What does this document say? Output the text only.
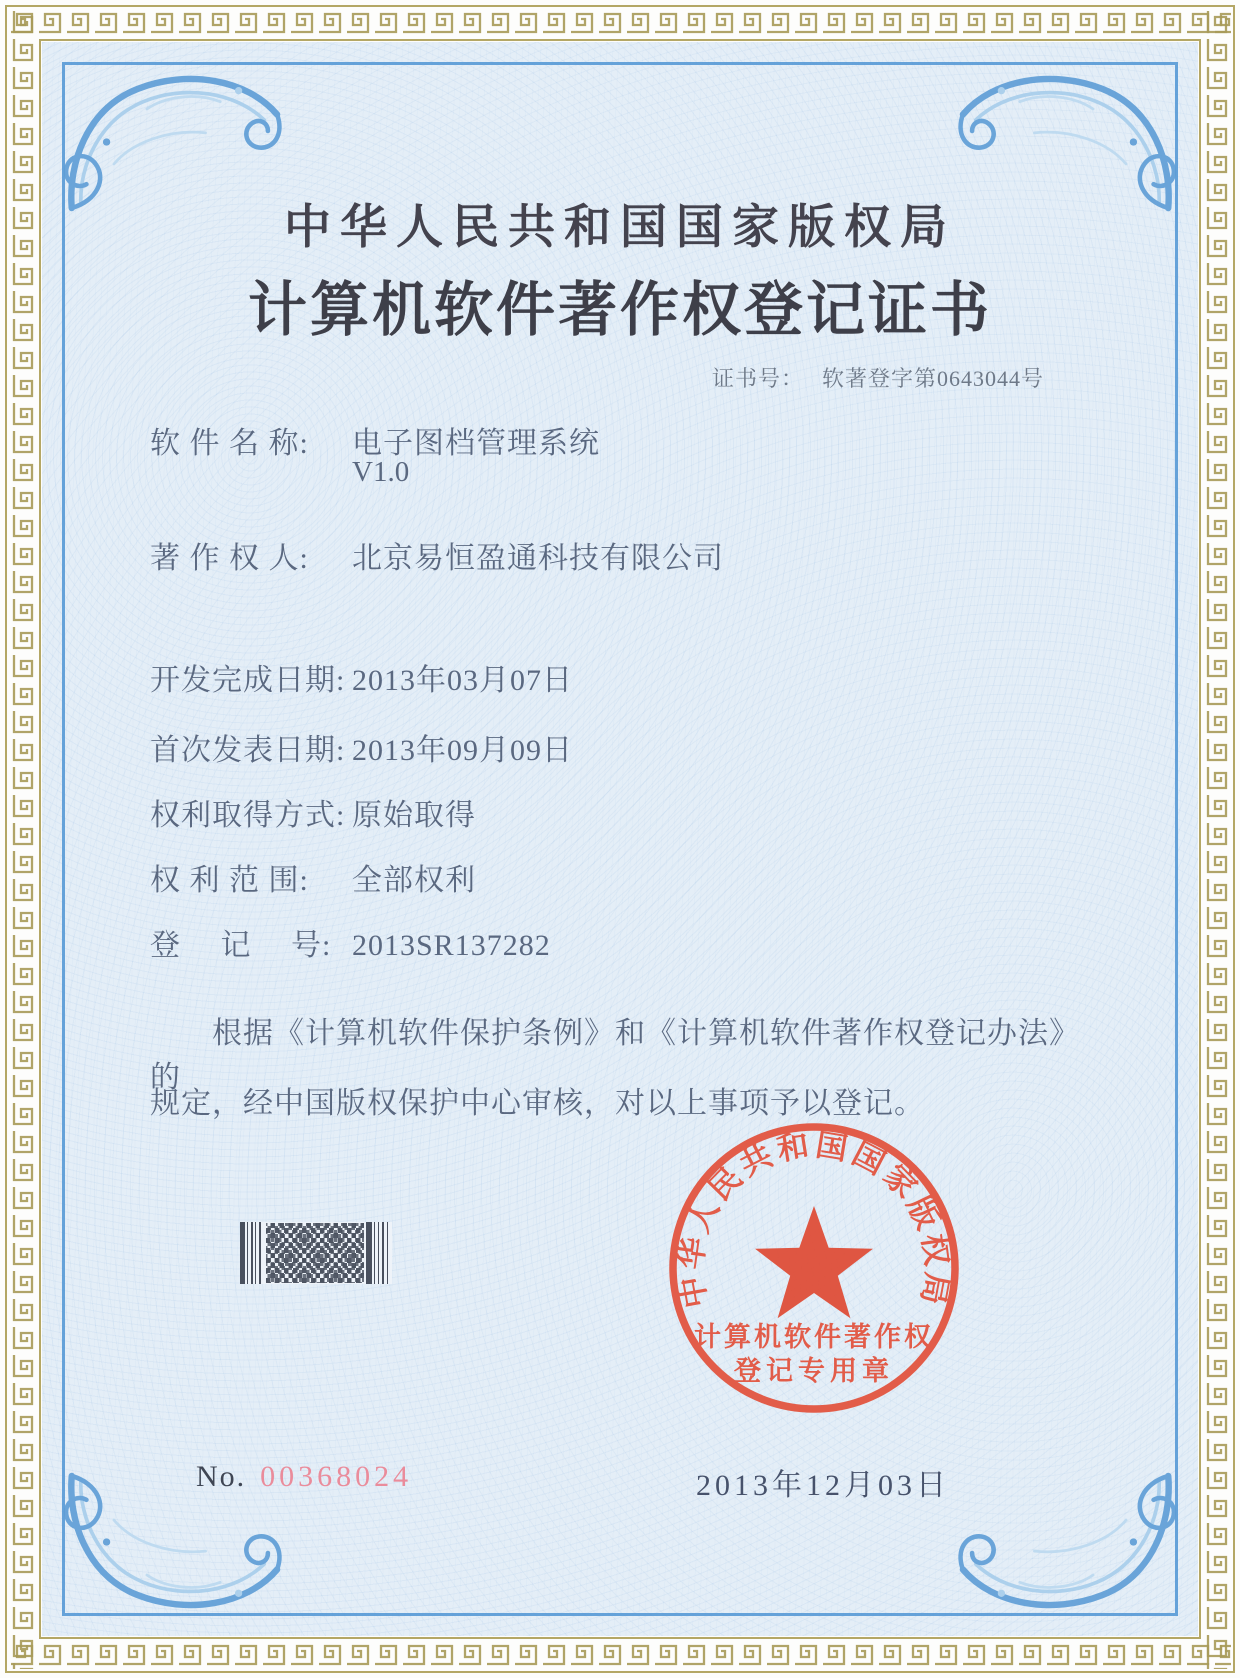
中华人民共和国国家版权局
计算机软件著作权登记证书
证书号： 软著登字第0643044号
软 件 名 称: 电子图档管理系统
V1.0
著 作 权 人: 北京易恒盈通科技有限公司
开发完成日期: 2013年03月07日
首次发表日期: 2013年09月09日
权利取得方式: 原始取得
权 利 范 围: 全部权利
登　 记　 号: 2013SR137282
根据《计算机软件保护条例》和《计算机软件著作权登记办法》的
规定，经中国版权保护中心审核，对以上事项予以登记。
中华人民共和国国家版权局
计算机软件著作权
登记专用章
No. 00368024	2013年12月03日
